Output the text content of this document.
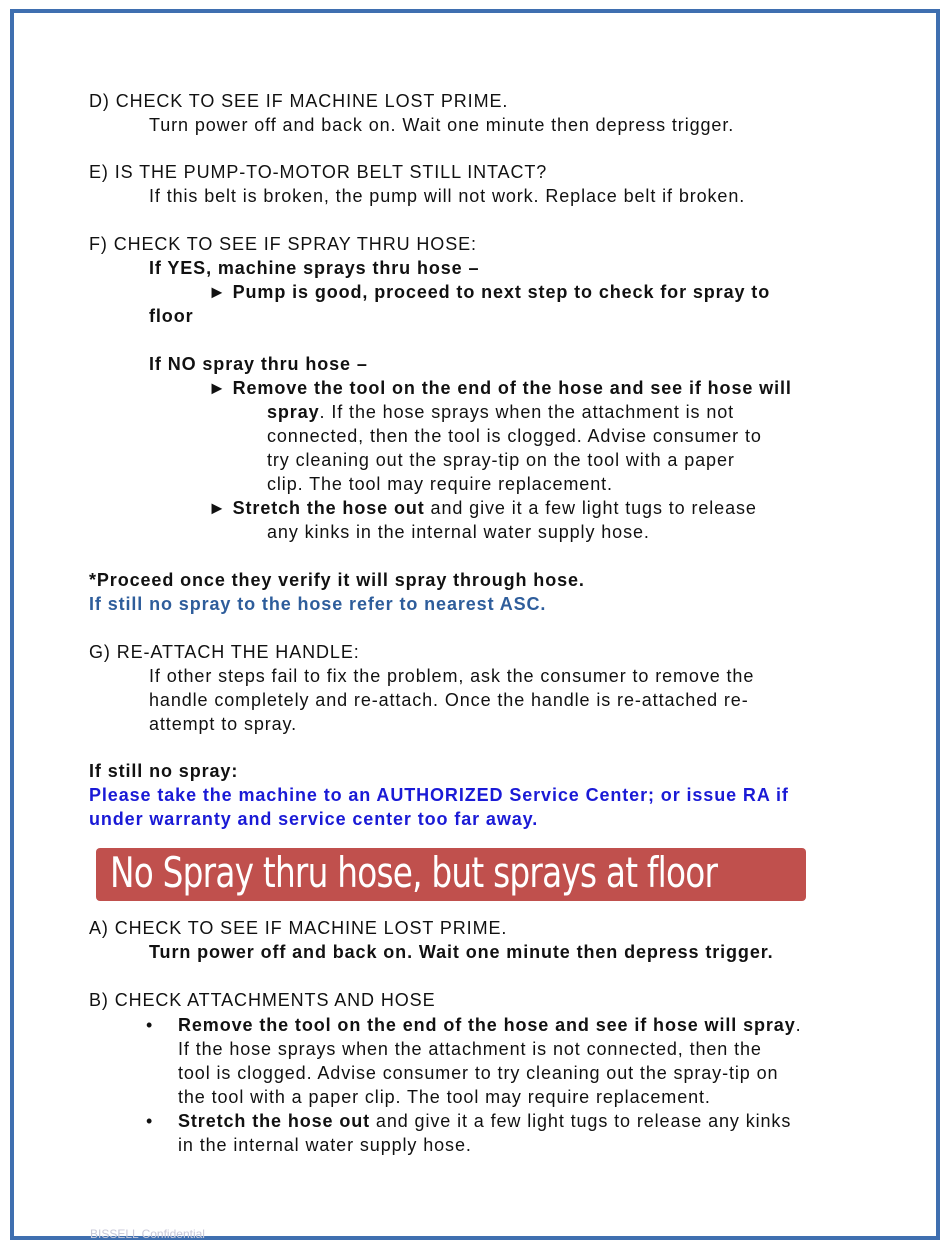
D) CHECK TO SEE IF MACHINE LOST PRIME.
Turn power off and back on. Wait one minute then depress trigger.
E) IS THE PUMP-TO-MOTOR BELT STILL INTACT?
If this belt is broken, the pump will not work. Replace belt if broken.
F) CHECK TO SEE IF SPRAY THRU HOSE:
If YES, machine sprays thru hose –
► Pump is good, proceed to next step to check for spray to
floor
If NO spray thru hose –
► Remove the tool on the end of the hose and see if hose will
spray. If the hose sprays when the attachment is not
connected, then the tool is clogged. Advise consumer to
try cleaning out the spray-tip on the tool with a paper
clip. The tool may require replacement.
► Stretch the hose out and give it a few light tugs to release
any kinks in the internal water supply hose.
*Proceed once they verify it will spray through hose.
If still no spray to the hose refer to nearest ASC.
G) RE-ATTACH THE HANDLE:
If other steps fail to fix the problem, ask the consumer to remove the
handle completely and re-attach. Once the handle is re-attached re-
attempt to spray.
If still no spray:
Please take the machine to an AUTHORIZED Service Center; or issue RA if
under warranty and service center too far away.
No Spray thru hose, but sprays at floor
A) CHECK TO SEE IF MACHINE LOST PRIME.
Turn power off and back on. Wait one minute then depress trigger.
B) CHECK ATTACHMENTS AND HOSE
• Remove the tool on the end of the hose and see if hose will spray.
If the hose sprays when the attachment is not connected, then the
tool is clogged. Advise consumer to try cleaning out the spray-tip on
the tool with a paper clip. The tool may require replacement.
• Stretch the hose out and give it a few light tugs to release any kinks
in the internal water supply hose.
BISSELL Confidential
